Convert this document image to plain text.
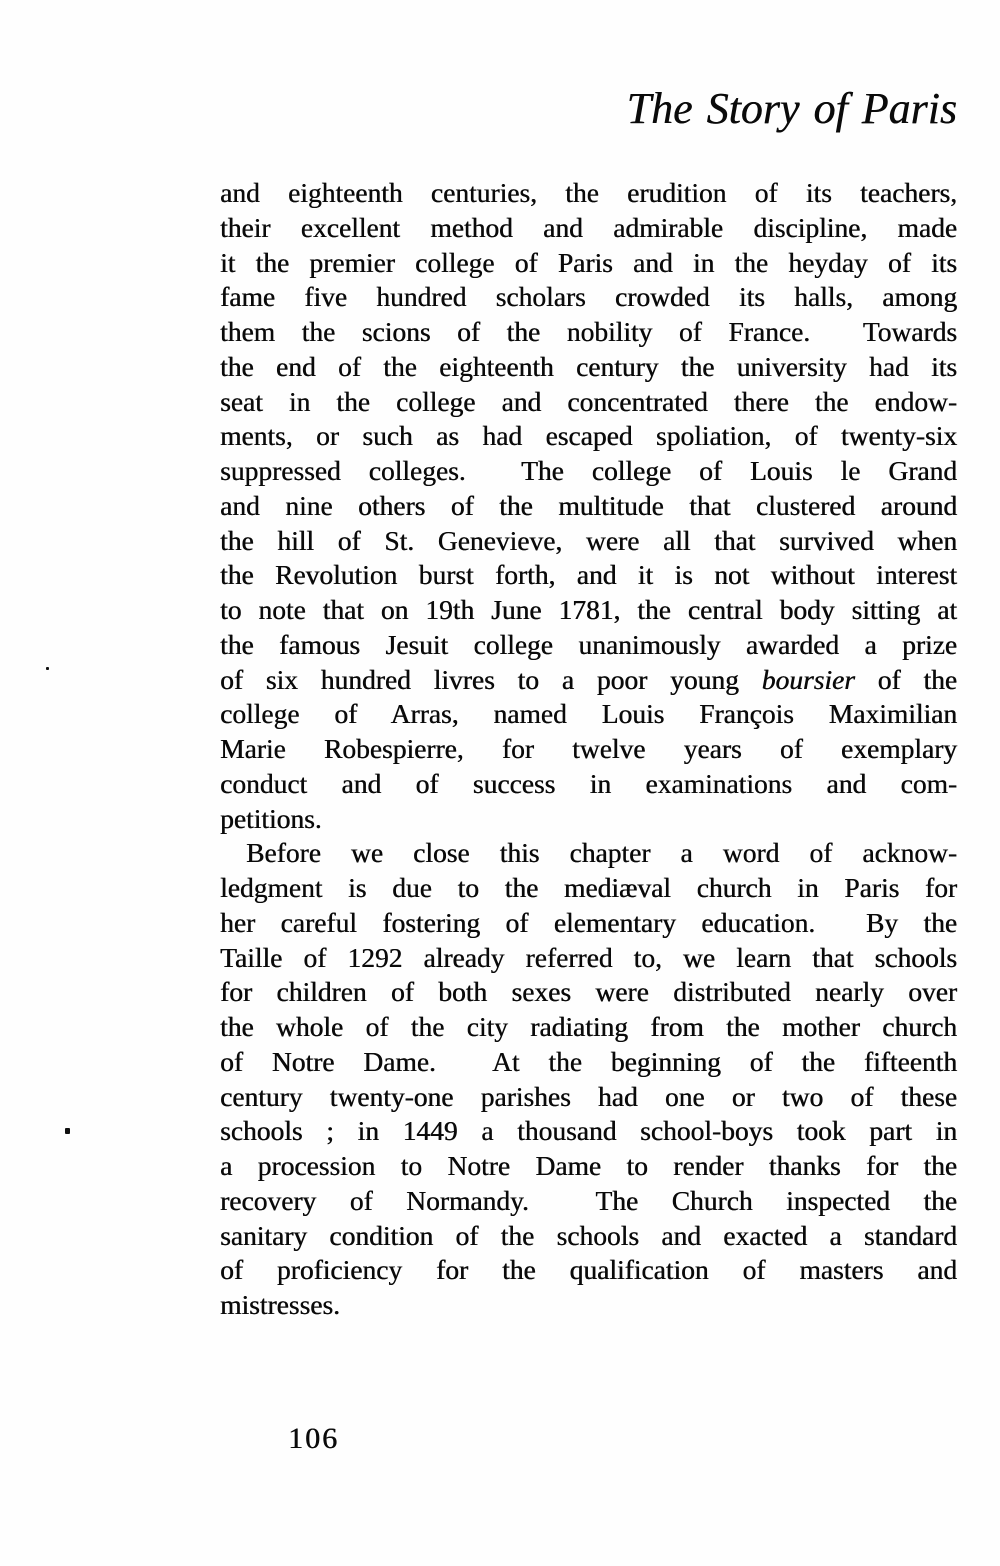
The Story of Paris
and eighteenth centuries, the erudition of its teachers,
their excellent method and admirable discipline, made
it the premier college of Paris and in the heyday of its
fame five hundred scholars crowded its halls, among
them the scions of the nobility of France.  Towards
the end of the eighteenth century the university had its
seat in the college and concentrated there the endow-
ments, or such as had escaped spoliation, of twenty-six
suppressed colleges.  The college of Louis le Grand
and nine others of the multitude that clustered around
the hill of St. Genevieve, were all that survived when
the Revolution burst forth, and it is not without interest
to note that on 19th June 1781, the central body sitting at
the famous Jesuit college unanimously awarded a prize
of six hundred livres to a poor young boursier of the
college of Arras, named Louis François Maximilian
Marie Robespierre, for twelve years of exemplary
conduct and of success in examinations and com-
petitions.
Before we close this chapter a word of acknow-
ledgment is due to the mediæval church in Paris for
her careful fostering of elementary education.  By the
Taille of 1292 already referred to, we learn that schools
for children of both sexes were distributed nearly over
the whole of the city radiating from the mother church
of Notre Dame.  At the beginning of the fifteenth
century twenty-one parishes had one or two of these
schools ; in 1449 a thousand school-boys took part in
a procession to Notre Dame to render thanks for the
recovery of Normandy.  The Church inspected the
sanitary condition of the schools and exacted a standard
of proficiency for the qualification of masters and
mistresses.
106
